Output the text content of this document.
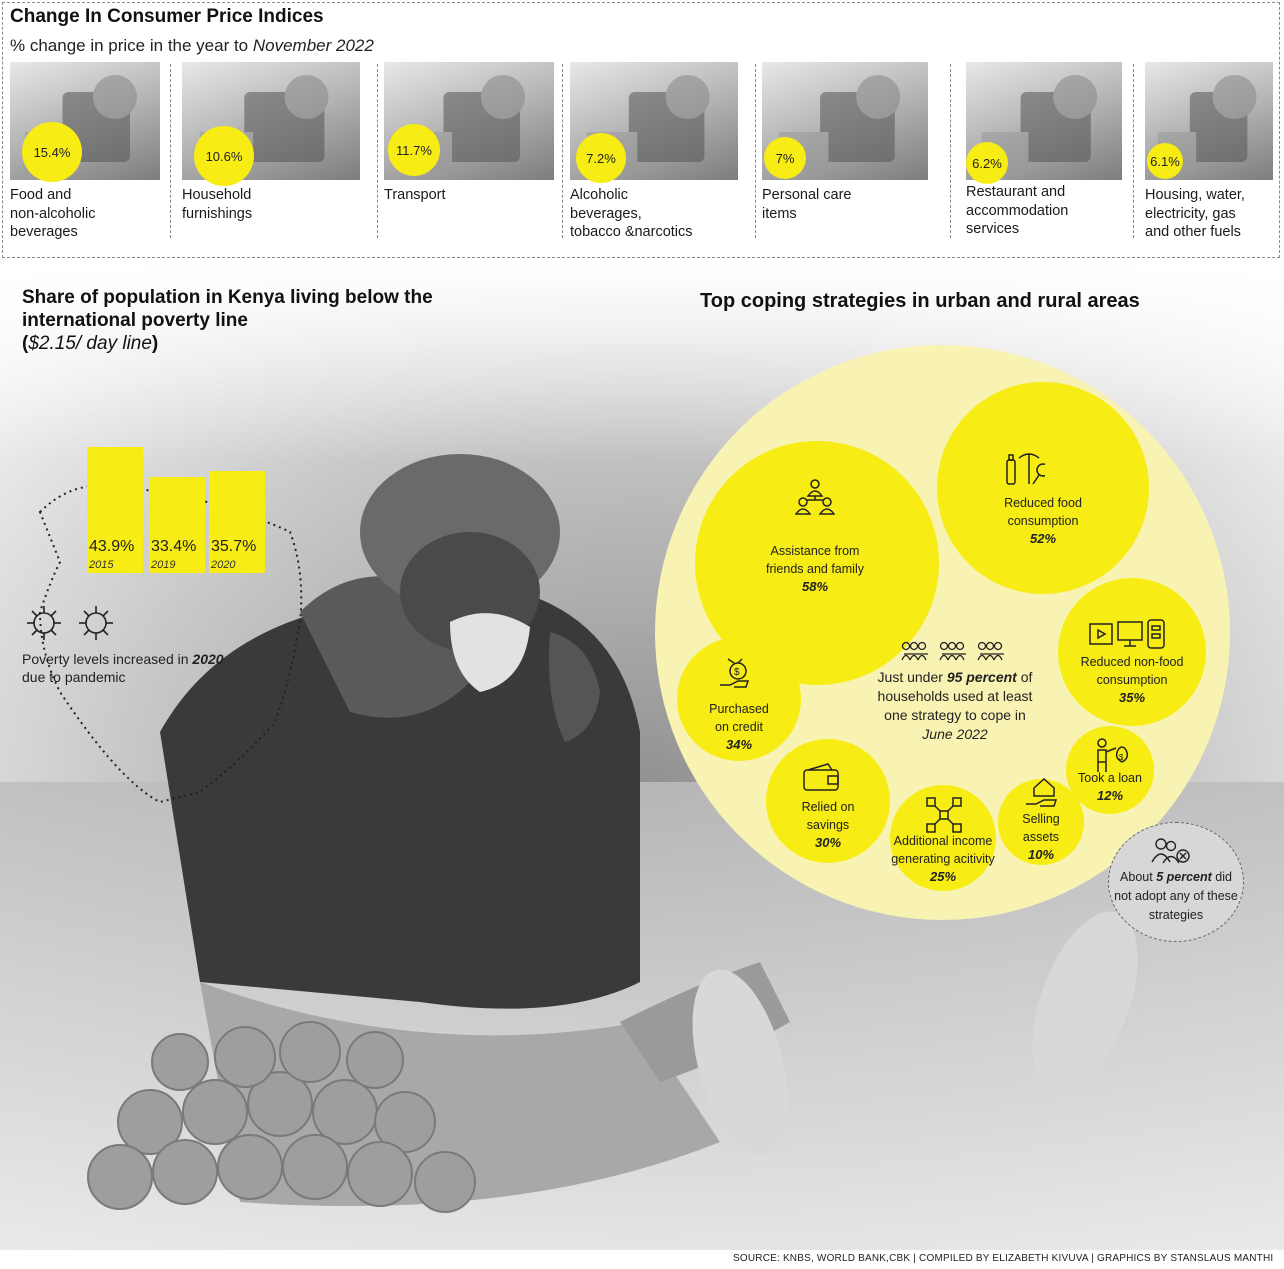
Change In Consumer Price Indices
% change in price in the year to November 2022
15.4%
Food and
non-alcoholic
beverages
10.6%
Household
furnishings
11.7%
Transport
7.2%
Alcoholic
beverages,
tobacco &narcotics
7%
Personal care
items
6.2%
Restaurant and
accommodation
services
6.1%
Housing, water,
electricity, gas
and other fuels
Share of population in Kenya living below the international poverty line
($2.15/ day line)
43.9%
2015
33.4%
2019
35.7%
2020
Poverty levels increased in 2020
due to pandemic
Top coping strategies in urban and rural areas
Assistance from
friends and family
58%
Reduced food
consumption
52%
Reduced non-food
consumption
35%
$
Purchased
on credit
34%
Relied on
savings
30%	Additional income
generating acitivity
25%
Selling
assets
10%
$
Took a loan
12%
Just under 95 percent of households used at least one strategy to cope in June 2022
About 5 percent did not adopt any of these strategies
SOURCE: KNBS, WORLD BANK,CBK | COMPILED BY ELIZABETH KIVUVA | GRAPHICS BY STANSLAUS MANTHI
